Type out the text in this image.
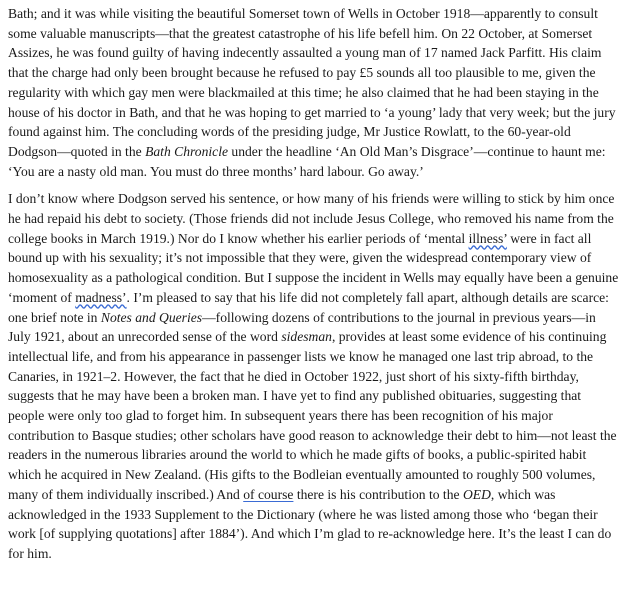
Bath; and it was while visiting the beautiful Somerset town of Wells in October 1918—apparently to consult some valuable manuscripts—that the greatest catastrophe of his life befell him. On 22 October, at Somerset Assizes, he was found guilty of having indecently assaulted a young man of 17 named Jack Parfitt. His claim that the charge had only been brought because he refused to pay £5 sounds all too plausible to me, given the regularity with which gay men were blackmailed at this time; he also claimed that he had been staying in the house of his doctor in Bath, and that he was hoping to get married to ‘a young’ lady that very week; but the jury found against him. The concluding words of the presiding judge, Mr Justice Rowlatt, to the 60-year-old Dodgson—quoted in the Bath Chronicle under the headline ‘An Old Man’s Disgrace’—continue to haunt me: ‘You are a nasty old man. You must do three months’ hard labour. Go away.’

I don’t know where Dodgson served his sentence, or how many of his friends were willing to stick by him once he had repaid his debt to society. (Those friends did not include Jesus College, who removed his name from the college books in March 1919.) Nor do I know whether his earlier periods of ‘mental illness’ were in fact all bound up with his sexuality; it’s not impossible that they were, given the widespread contemporary view of homosexuality as a pathological condition. But I suppose the incident in Wells may equally have been a genuine ‘moment of madness’. I’m pleased to say that his life did not completely fall apart, although details are scarce: one brief note in Notes and Queries—following dozens of contributions to the journal in previous years—in July 1921, about an unrecorded sense of the word sidesman, provides at least some evidence of his continuing intellectual life, and from his appearance in passenger lists we know he managed one last trip abroad, to the Canaries, in 1921–2. However, the fact that he died in October 1922, just short of his sixty-fifth birthday, suggests that he may have been a broken man. I have yet to find any published obituaries, suggesting that people were only too glad to forget him. In subsequent years there has been recognition of his major contribution to Basque studies; other scholars have good reason to acknowledge their debt to him—not least the readers in the numerous libraries around the world to which he made gifts of books, a public-spirited habit which he acquired in New Zealand. (His gifts to the Bodleian eventually amounted to roughly 500 volumes, many of them individually inscribed.) And of course there is his contribution to the OED, which was acknowledged in the 1933 Supplement to the Dictionary (where he was listed among those who ‘began their work [of supplying quotations] after 1884’). And which I’m glad to re-acknowledge here. It’s the least I can do for him.
